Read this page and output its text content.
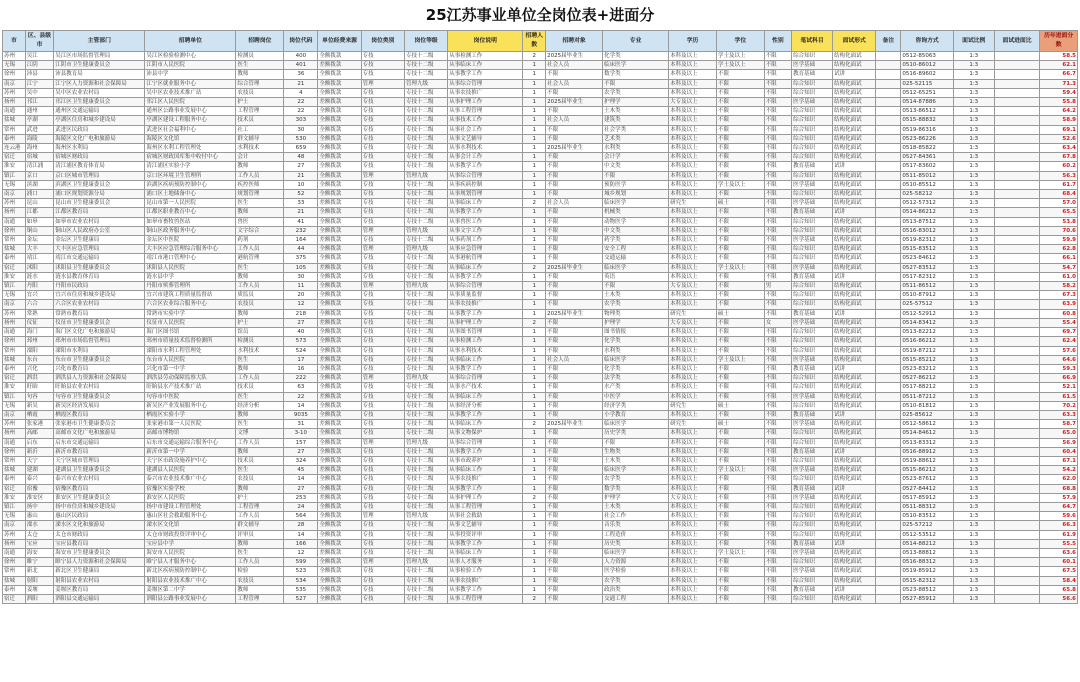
25江苏事业单位全岗位表+进面分
市	区、县级市	主管部门	招聘单位	招聘岗位	岗位代码	单位经费来源	岗位类别	岗位等级	岗位说明	招聘人数	招聘对象	专业	学历	学位	性别	笔试科目	面试形式	备注	咨询方式	面试比例	面试进面比	历年进面分数
苏州	吴江	吴江区市场监督管理局	吴江区检验检测中心	检测员	400	全额拨款	专技	专技十二级	从事检测工作	2	2025届毕业生	化学类	本科及以上	学士及以上	不限	综合知识	结构化面试		0512-85063	1:3		58.5
无锡	江阴	江阴市卫生健康委员会	江阴市人民医院	医生	401	差额拨款	专技	专技十二级	从事临床工作	1	社会人员	临床医学	本科及以上	学士及以上	不限	医学基础	结构化面试		0510-86012	1:3		62.1
徐州	沛县	沛县教育局	沛县中学	教师	36	全额拨款	专技	专技十二级	从事教学工作	1	不限	数学类	本科及以上	不限	不限	教育基础	试讲		0516-89602	1:3		66.7
南京	江宁	江宁区人力资源和社会保障局	江宁区就业服务中心	综合管理	21	全额拨款	管理	管理九级	从事综合管理	1	社会人员	不限	本科及以上	不限	不限	综合知识	结构化面试		025-52115	1:3		71.3
苏州	吴中	吴中区农业农村局	吴中区农业技术推广站	农技员	4	全额拨款	专技	专技十二级	从事农技推广	1	不限	农学类	本科及以上	不限	不限	综合知识	结构化面试		0512-65251	1:3		59.4
扬州	邗江	邗江区卫生健康委员会	邗江区人民医院	护士	22	差额拨款	专技	专技十二级	从事护理工作	1	2025届毕业生	护理学	大专及以上	不限	不限	医学基础	结构化面试		0514-87886	1:3		55.8
南通	通州	通州区交通运输局	通州区公路事业发展中心	工程管理	22	全额拨款	专技	专技十二级	从事工程管理	1	不限	土木类	本科及以上	不限	不限	综合知识	结构化面试		0513-86512	1:3		64.2
盐城	亭湖	亭湖区住房和城乡建设局	亭湖区建设工程服务中心	技术员	303	全额拨款	专技	专技十二级	从事技术工作	1	社会人员	建筑类	本科及以上	不限	不限	综合知识	结构化面试		0515-88832	1:3		58.9
常州	武进	武进区民政局	武进区社会福利中心	社工	30	全额拨款	专技	专技十二级	从事社会工作	1	不限	社会学类	本科及以上	不限	不限	综合知识	结构化面试		0519-86316	1:3		69.1
泰州	海陵	海陵区文化广电和旅游局	海陵区文化馆	群文辅导	530	全额拨款	专技	专技十二级	从事文艺辅导	1	不限	艺术类	本科及以上	不限	不限	综合知识	结构化面试		0523-86226	1:3		52.6
连云港	海州	海州区水利局	海州区水利工程管理处	水利技术	659	全额拨款	专技	专技十二级	从事水利技术	1	2025届毕业生	水利类	本科及以上	不限	不限	综合知识	结构化面试		0518-85822	1:3		63.4
宿迁	宿城	宿城区财政局	宿城区财政国库集中收付中心	会计	48	全额拨款	专技	专技十二级	从事会计工作	1	不限	会计学	本科及以上	不限	不限	综合知识	结构化面试		0527-84361	1:3		67.8
淮安	清江浦	清江浦区教育体育局	清江浦区实验小学	教师	27	全额拨款	专技	专技十二级	从事教学工作	1	不限	中文类	本科及以上	不限	不限	教育基础	试讲		0517-83602	1:3		60.2
镇江	京口	京口区城市管理局	京口区环境卫生管理所	工作人员	21	全额拨款	管理	管理九级	从事综合管理	1	不限	不限	本科及以上	不限	不限	综合知识	结构化面试		0511-85012	1:3		56.3
无锡	滨湖	滨湖区卫生健康委员会	滨湖区疾病预防控制中心	疾控医师	10	全额拨款	专技	专技十二级	从事疾病控制	1	不限	预防医学	本科及以上	学士及以上	不限	医学基础	结构化面试		0510-85512	1:3		61.7
南京	浦口	浦口区规划资源分局	浦口区土地储备中心	规划管理	52	全额拨款	专技	专技十二级	从事规划管理	1	不限	城乡规划	本科及以上	不限	不限	综合知识	结构化面试		025-58212	1:3		68.4
苏州	昆山	昆山市卫生健康委员会	昆山市第一人民医院	医生	33	差额拨款	专技	专技十二级	从事临床工作	2	社会人员	临床医学	研究生	硕士	不限	医学基础	结构化面试		0512-57312	1:3		57.0
扬州	江都	江都区教育局	江都区职业教育中心	教师	21	全额拨款	专技	专技十二级	从事教学工作	1	不限	机械类	本科及以上	不限	不限	教育基础	试讲		0514-86212	1:3		65.5
南通	如皋	如皋市农业农村局	如皋市畜牧兽医站	兽医	41	全额拨款	专技	专技十二级	从事兽医工作	1	不限	动物医学	本科及以上	不限	不限	综合知识	结构化面试		0513-87512	1:3		53.8
徐州	铜山	铜山区人民政府办公室	铜山区政务服务中心	文字综合	232	全额拨款	管理	管理九级	从事文字工作	1	不限	中文类	本科及以上	不限	不限	综合知识	结构化面试		0516-83012	1:3		70.6
常州	金坛	金坛区卫生健康局	金坛区中医院	药剂	164	差额拨款	专技	专技十二级	从事药剂工作	1	不限	药学类	本科及以上	不限	不限	医学基础	结构化面试		0519-82312	1:3		59.9
盐城	大丰	大丰区应急管理局	大丰区应急管理综合服务中心	工作人员	44	全额拨款	管理	管理九级	从事应急管理	1	不限	安全工程	本科及以上	不限	不限	综合知识	结构化面试		0515-83512	1:3		62.8
泰州	靖江	靖江市交通运输局	靖江市港口管理中心	港航管理	375	全额拨款	专技	专技十二级	从事港航管理	1	不限	交通运输	本科及以上	不限	不限	综合知识	结构化面试		0523-84612	1:3		66.1
宿迁	沭阳	沭阳县卫生健康委员会	沭阳县人民医院	医生	105	差额拨款	专技	专技十二级	从事临床工作	2	2025届毕业生	临床医学	本科及以上	学士及以上	不限	医学基础	结构化面试		0527-83512	1:3		54.7
淮安	涟水	涟水县教育体育局	涟水县中学	教师	30	全额拨款	专技	专技十二级	从事教学工作	1	不限	英语	本科及以上	不限	不限	教育基础	试讲		0517-82312	1:3		61.0
镇江	丹阳	丹阳市民政局	丹阳市殡葬管理所	工作人员	11	全额拨款	管理	管理九级	从事综合管理	1	不限	不限	大专及以上	不限	男	综合知识	结构化面试		0511-86512	1:3		58.2
无锡	宜兴	宜兴市住房和城乡建设局	宜兴市建筑工程质量监督站	质监员	20	全额拨款	专技	专技十二级	从事质量监督	1	不限	土木类	本科及以上	不限	不限	综合知识	结构化面试		0510-87912	1:3		67.3
南京	六合	六合区农业农村局	六合区农业综合服务中心	农技员	12	全额拨款	专技	专技十二级	从事农技推广	1	不限	农学类	本科及以上	不限	不限	综合知识	结构化面试		025-57512	1:3		63.9
苏州	常熟	常熟市教育局	常熟市实验中学	教师	218	全额拨款	专技	专技十二级	从事教学工作	1	2025届毕业生	物理类	研究生	硕士	不限	教育基础	试讲		0512-52912	1:3		60.8
扬州	仪征	仪征市卫生健康委员会	仪征市人民医院	护士	27	差额拨款	专技	专技十二级	从事护理工作	2	不限	护理学	大专及以上	不限	女	医学基础	结构化面试		0514-83412	1:3		55.4
南通	海门	海门区文化广电和旅游局	海门区图书馆	馆员	40	全额拨款	专技	专技十二级	从事图书管理	1	不限	图书情报	本科及以上	不限	不限	综合知识	结构化面试		0513-82212	1:3		69.7
徐州	邳州	邳州市市场监督管理局	邳州市质量技术监督检测所	检测员	573	全额拨款	专技	专技十二级	从事检测工作	1	不限	化学类	本科及以上	不限	不限	综合知识	结构化面试		0516-86212	1:3		62.4
常州	溧阳	溧阳市水利局	溧阳市水利工程管理处	水利技术	524	全额拨款	专技	专技十二级	从事水利技术	1	不限	水利类	本科及以上	不限	不限	综合知识	结构化面试		0519-87212	1:3		57.6
盐城	东台	东台市卫生健康委员会	东台市人民医院	医生	17	差额拨款	专技	专技十二级	从事临床工作	1	社会人员	临床医学	本科及以上	学士及以上	不限	医学基础	结构化面试		0515-85212	1:3		64.6
泰州	兴化	兴化市教育局	兴化市第一中学	教师	16	全额拨款	专技	专技十二级	从事教学工作	1	不限	化学类	本科及以上	不限	不限	教育基础	试讲		0523-83212	1:3		59.3
宿迁	泗洪	泗洪县人力资源和社会保障局	泗洪县劳动保障监察大队	工作人员	222	全额拨款	管理	管理九级	从事综合管理	1	不限	法学类	本科及以上	不限	不限	综合知识	结构化面试		0527-86212	1:3		66.9
淮安	盱眙	盱眙县农业农村局	盱眙县水产技术推广站	技术员	63	全额拨款	专技	专技十二级	从事水产技术	1	不限	水产类	本科及以上	不限	不限	综合知识	结构化面试		0517-88212	1:3		52.1
镇江	句容	句容市卫生健康委员会	句容市中医院	医生	22	差额拨款	专技	专技十二级	从事临床工作	1	不限	中医学	本科及以上	不限	不限	医学基础	结构化面试		0511-87212	1:3		61.5
无锡	新吴	新吴区经济发展局	新吴区产业发展服务中心	经济分析	14	全额拨款	专技	专技十二级	从事经济分析	1	不限	经济学类	研究生	硕士	不限	综合知识	结构化面试		0510-81812	1:3		70.2
南京	栖霞	栖霞区教育局	栖霞区实验小学	教师	9035	全额拨款	专技	专技十二级	从事教学工作	1	不限	小学教育	本科及以上	不限	不限	教育基础	试讲		025-85612	1:3		63.3
苏州	张家港	张家港市卫生健康委员会	张家港市第一人民医院	医生	31	差额拨款	专技	专技十二级	从事临床工作	2	2025届毕业生	临床医学	研究生	硕士	不限	医学基础	结构化面试		0512-58612	1:3		58.7
扬州	高邮	高邮市文化广电和旅游局	高邮市博物馆	文博	3-10	全额拨款	专技	专技十二级	从事文物保护	1	不限	历史学类	本科及以上	不限	不限	综合知识	结构化面试		0514-84612	1:3		65.0
南通	启东	启东市交通运输局	启东市交通运输综合服务中心	工作人员	157	全额拨款	管理	管理九级	从事综合管理	1	不限	不限	本科及以上	不限	不限	综合知识	结构化面试		0513-83312	1:3		56.9
徐州	新沂	新沂市教育局	新沂市第一中学	教师	27	全额拨款	专技	专技十二级	从事教学工作	1	不限	生物类	本科及以上	不限	不限	教育基础	试讲		0516-88912	1:3		60.4
常州	天宁	天宁区城市管理局	天宁区市政设施养护中心	技术员	324	全额拨款	专技	专技十二级	从事市政养护	1	不限	土木类	本科及以上	不限	不限	综合知识	结构化面试		0519-88612	1:3		67.1
盐城	建湖	建湖县卫生健康委员会	建湖县人民医院	医生	45	差额拨款	专技	专技十二级	从事临床工作	1	不限	临床医学	本科及以上	学士及以上	不限	医学基础	结构化面试		0515-86212	1:3		54.2
泰州	泰兴	泰兴市农业农村局	泰兴市农业技术推广中心	农技员	14	全额拨款	专技	专技十二级	从事农技推广	1	不限	农学类	本科及以上	不限	不限	综合知识	结构化面试		0523-87612	1:3		62.0
宿迁	宿豫	宿豫区教育局	宿豫区实验学校	教师	27	全额拨款	专技	专技十二级	从事教学工作	1	不限	数学类	本科及以上	不限	不限	教育基础	试讲		0527-84412	1:3		68.8
淮安	淮安区	淮安区卫生健康委员会	淮安区人民医院	护士	253	差额拨款	专技	专技十二级	从事护理工作	2	不限	护理学	大专及以上	不限	不限	医学基础	结构化面试		0517-85912	1:3		57.9
镇江	扬中	扬中市住房和城乡建设局	扬中市建设工程管理处	工程管理	24	全额拨款	专技	专技十二级	从事工程管理	1	不限	土木类	本科及以上	不限	不限	综合知识	结构化面试		0511-88312	1:3		64.7
无锡	惠山	惠山区民政局	惠山区社会救助服务中心	工作人员	564	全额拨款	管理	管理九级	从事社会救助	1	不限	社会工作	本科及以上	不限	不限	综合知识	结构化面试		0510-83512	1:3		59.6
南京	溧水	溧水区文化和旅游局	溧水区文化馆	群文辅导	28	全额拨款	专技	专技十二级	从事文艺辅导	1	不限	音乐类	本科及以上	不限	不限	综合知识	结构化面试		025-57212	1:3		66.3
苏州	太仓	太仓市财政局	太仓市财政投资评审中心	评审员	14	全额拨款	专技	专技十二级	从事投资评审	1	不限	工程造价	本科及以上	不限	不限	综合知识	结构化面试		0512-53512	1:3		61.9
扬州	宝应	宝应县教育局	宝应县中学	教师	166	全额拨款	专技	专技十二级	从事教学工作	1	不限	历史类	本科及以上	不限	不限	教育基础	试讲		0514-88212	1:3		55.5
南通	海安	海安市卫生健康委员会	海安市人民医院	医生	12	差额拨款	专技	专技十二级	从事临床工作	1	不限	临床医学	本科及以上	学士及以上	不限	医学基础	结构化面试		0513-88812	1:3		63.6
徐州	睢宁	睢宁县人力资源和社会保障局	睢宁县人才服务中心	工作人员	599	全额拨款	管理	管理九级	从事人才服务	1	不限	人力资源	本科及以上	不限	不限	综合知识	结构化面试		0516-88312	1:3		60.1
常州	新北	新北区卫生健康局	新北区疾病预防控制中心	检验	523	全额拨款	专技	专技十二级	从事检验工作	1	不限	医学检验	本科及以上	不限	不限	医学基础	结构化面试		0519-85912	1:3		67.5
盐城	射阳	射阳县农业农村局	射阳县农业技术推广中心	农技员	534	全额拨款	专技	专技十二级	从事农技推广	1	不限	农学类	本科及以上	不限	不限	综合知识	结构化面试		0515-82312	1:3		58.4
泰州	姜堰	姜堰区教育局	姜堰区第二中学	教师	535	全额拨款	专技	专技十二级	从事教学工作	1	不限	政治类	本科及以上	不限	不限	教育基础	试讲		0523-88512	1:3		65.8
宿迁	泗阳	泗阳县交通运输局	泗阳县公路事业发展中心	工程管理	527	全额拨款	专技	专技十二级	从事工程管理	2	不限	交通工程	本科及以上	不限	不限	综合知识	结构化面试		0527-85912	1:3		56.6
